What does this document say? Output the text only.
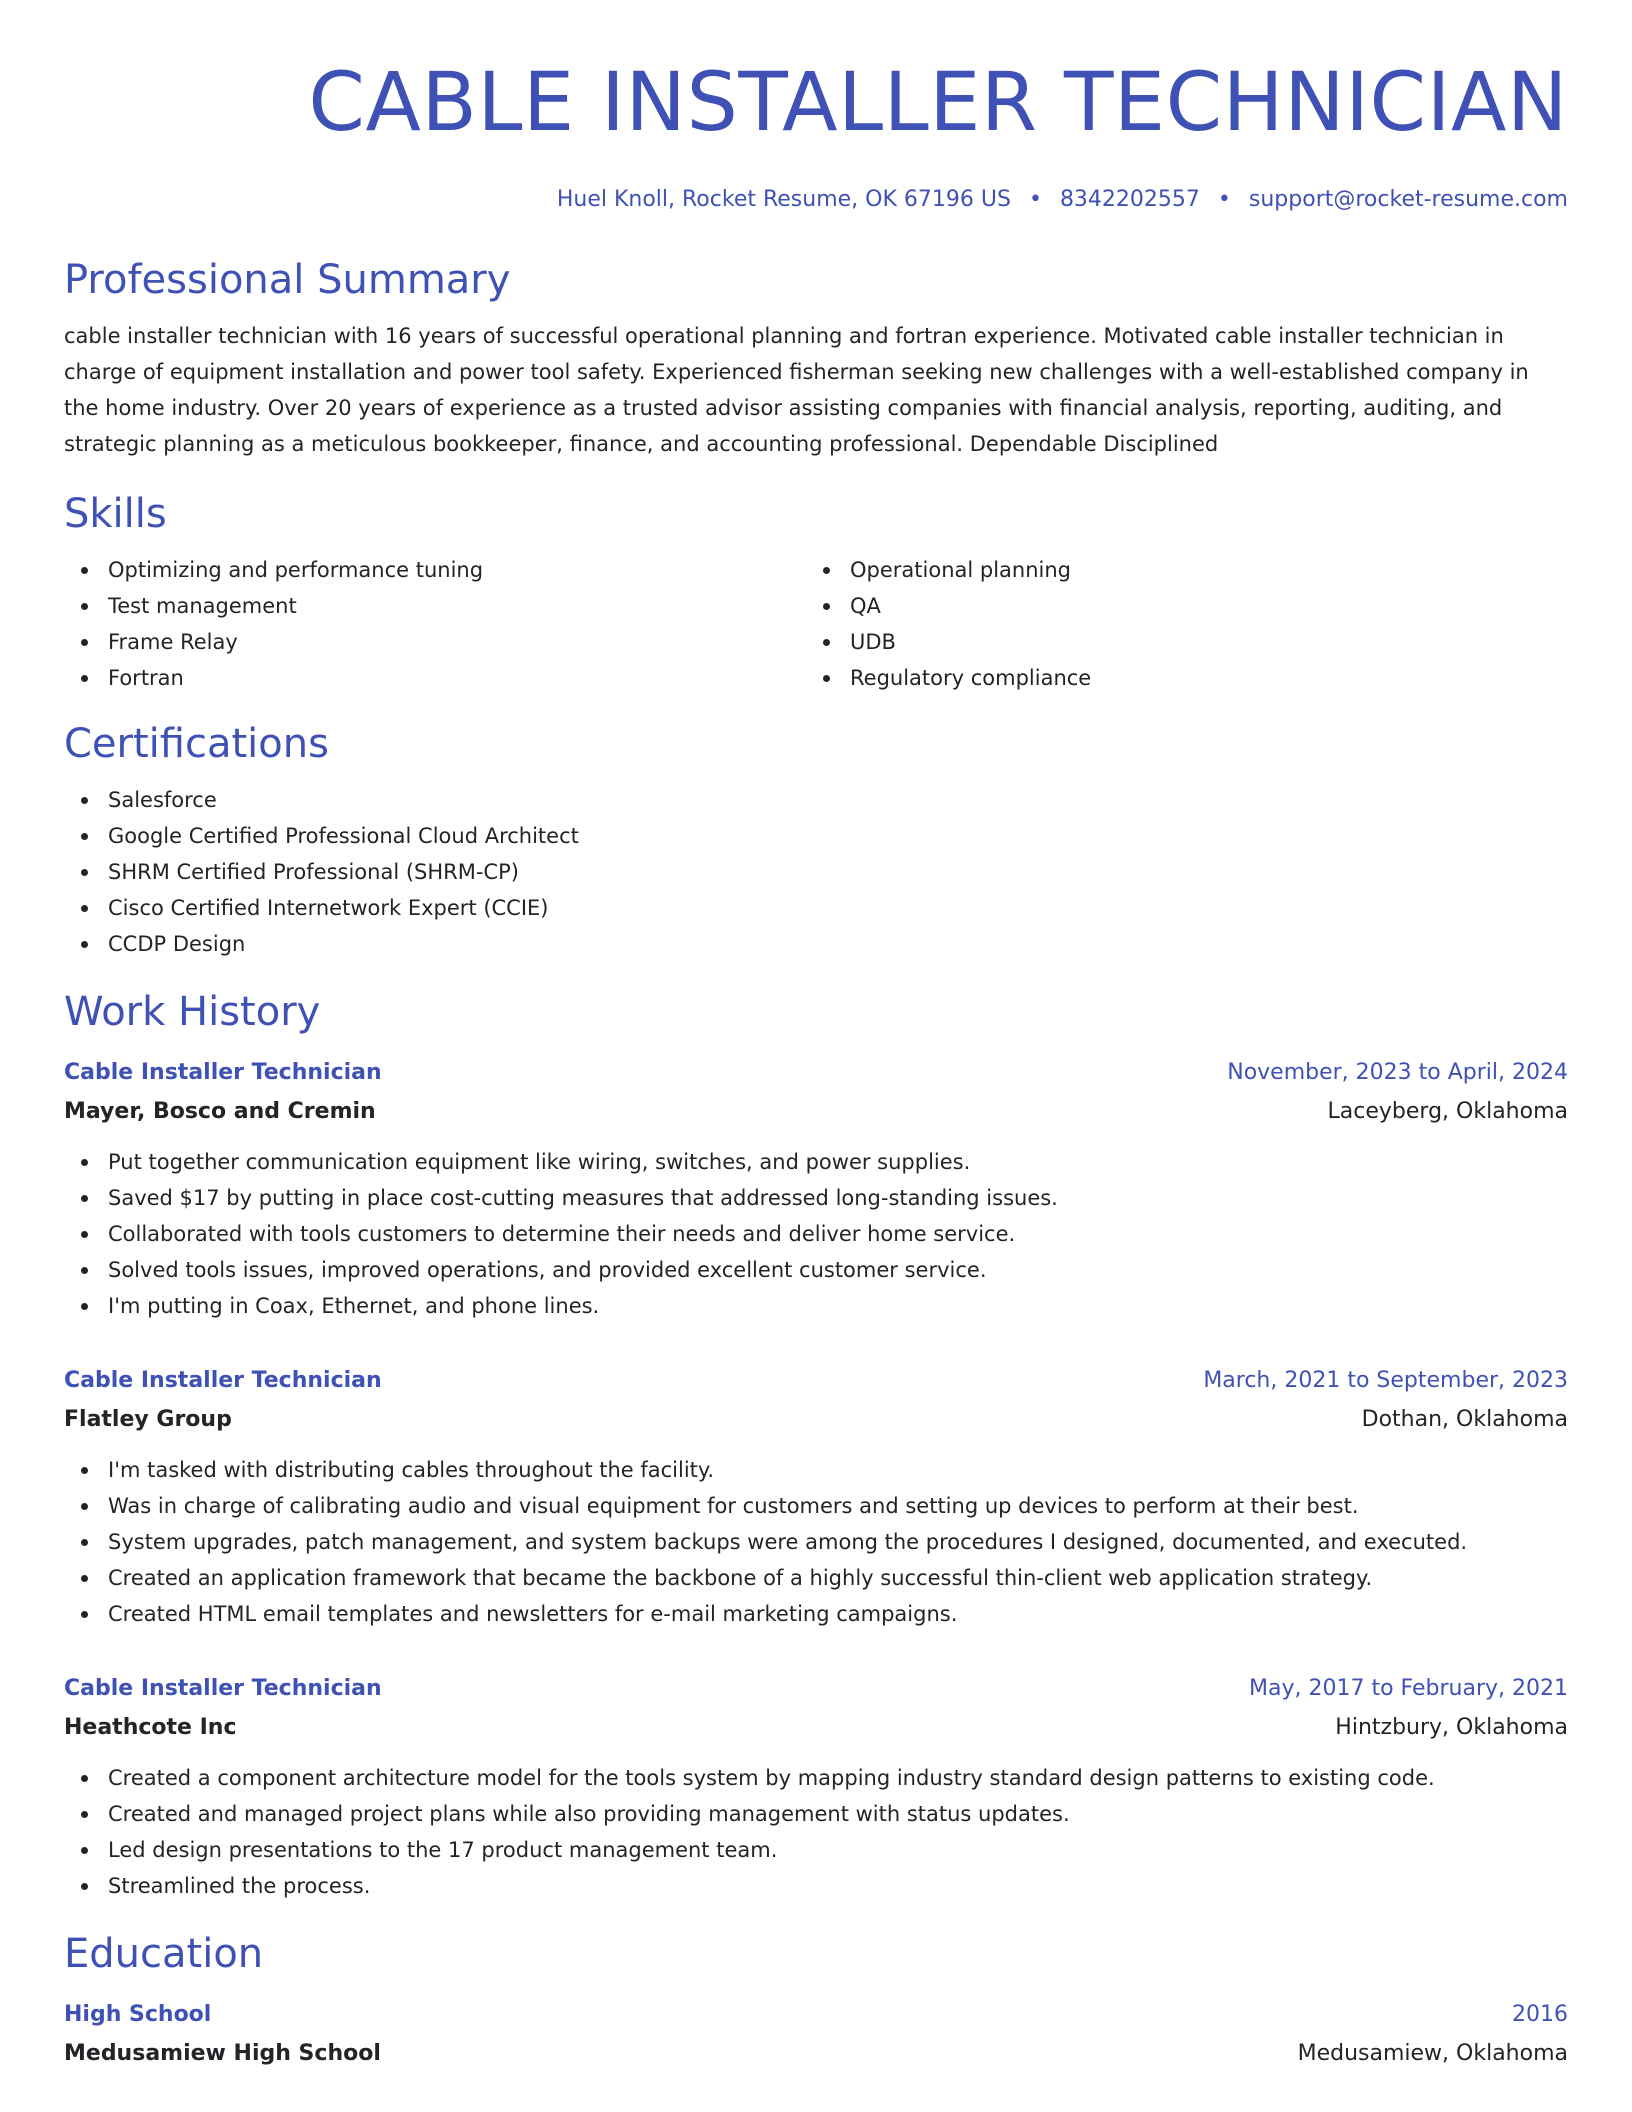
CABLE INSTALLER TECHNICIAN
Huel Knoll, Rocket Resume, OK 67196 US • 8342202557 • support@rocket-resume.com
Professional Summary

cable installer technician with 16 years of successful operational planning and fortran experience. Motivated cable installer technician in charge of equipment installation and power tool safety. Experienced fisherman seeking new challenges with a well-established company in the home industry. Over 20 years of experience as a trusted advisor assisting companies with financial analysis, reporting, auditing, and strategic planning as a meticulous bookkeeper, finance, and accounting professional. Dependable Disciplined

Skills
Optimizing and performance tuning
Test management
Frame Relay
Fortran
Operational planning
QA
UDB
Regulatory compliance
Certifications
Salesforce
Google Certified Professional Cloud Architect
SHRM Certified Professional (SHRM-CP)
Cisco Certified Internetwork Expert (CCIE)
CCDP Design
Work History
Cable Installer Technician	November, 2023 to April, 2024
Mayer, Bosco and Cremin	Laceyberg, Oklahoma
Put together communication equipment like wiring, switches, and power supplies.
Saved $17 by putting in place cost-cutting measures that addressed long-standing issues.
Collaborated with tools customers to determine their needs and deliver home service.
Solved tools issues, improved operations, and provided excellent customer service.
I'm putting in Coax, Ethernet, and phone lines.
Cable Installer Technician	March, 2021 to September, 2023
Flatley Group	Dothan, Oklahoma
I'm tasked with distributing cables throughout the facility.
Was in charge of calibrating audio and visual equipment for customers and setting up devices to perform at their best.
System upgrades, patch management, and system backups were among the procedures I designed, documented, and executed.
Created an application framework that became the backbone of a highly successful thin-client web application strategy.
Created HTML email templates and newsletters for e-mail marketing campaigns.
Cable Installer Technician	May, 2017 to February, 2021
Heathcote Inc	Hintzbury, Oklahoma
Created a component architecture model for the tools system by mapping industry standard design patterns to existing code.
Created and managed project plans while also providing management with status updates.
Led design presentations to the 17 product management team.
Streamlined the process.
Education
High School	2016
Medusamiew High School	Medusamiew, Oklahoma
